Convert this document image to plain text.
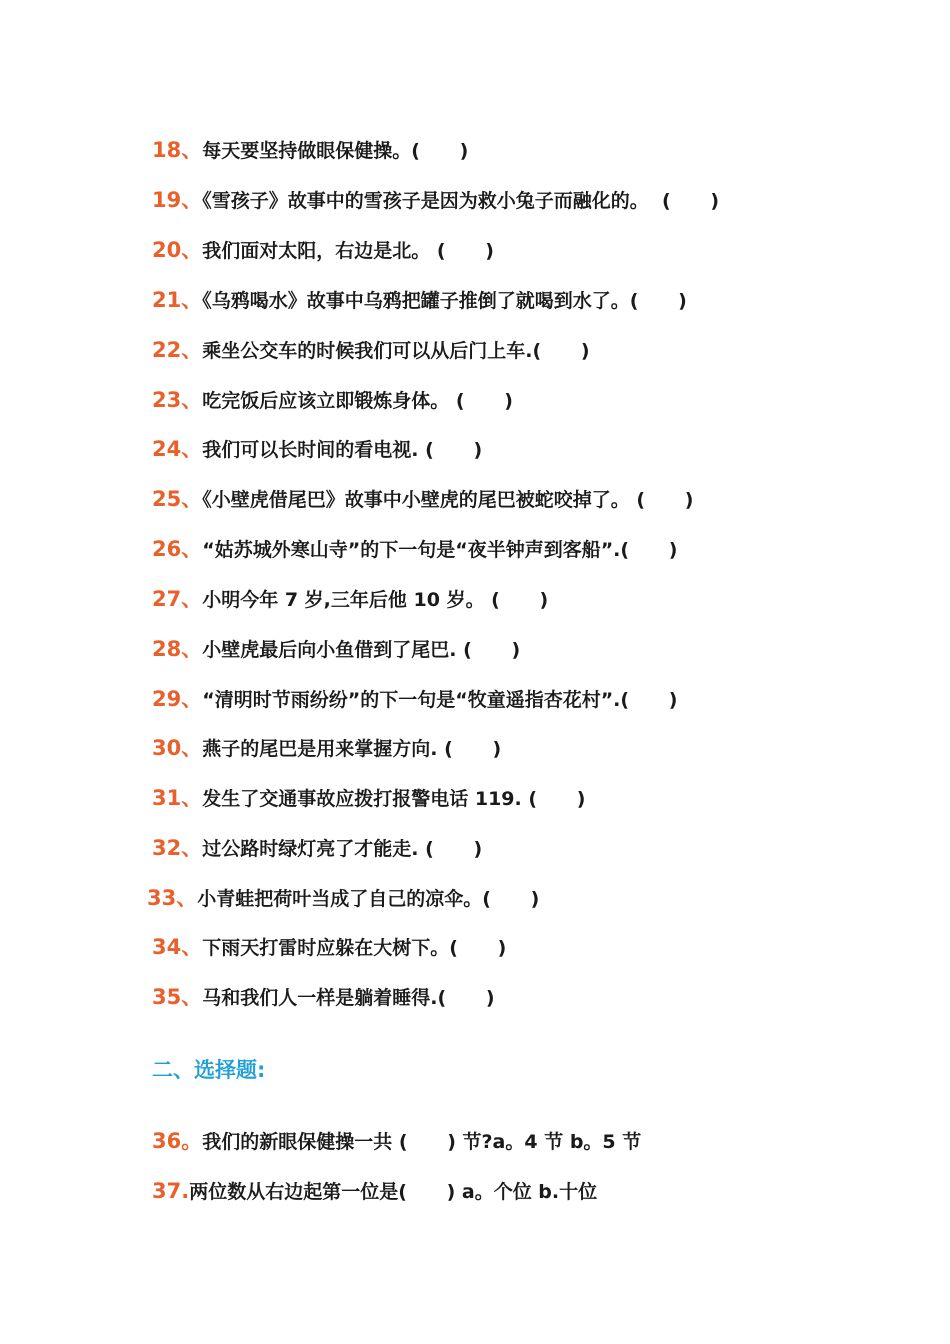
18、每天要坚持做眼保健操。(      )
19、《雪孩子》故事中的雪孩子是因为救小兔子而融化的。  (      )
20、我们面对太阳，右边是北。 (      )
21、《乌鸦喝水》故事中乌鸦把罐子推倒了就喝到水了。(      )
22、乘坐公交车的时候我们可以从后门上车.(      )
23、吃完饭后应该立即锻炼身体。 (      )
24、我们可以长时间的看电视. (      )
25、《小壁虎借尾巴》故事中小壁虎的尾巴被蛇咬掉了。 (      )
26、“姑苏城外寒山寺”的下一句是“夜半钟声到客船”.(      )
27、小明今年 7 岁,三年后他 10 岁。 (      )
28、小壁虎最后向小鱼借到了尾巴. (      )
29、“清明时节雨纷纷”的下一句是“牧童遥指杏花村”.(      )
30、燕子的尾巴是用来掌握方向. (      )
31、发生了交通事故应拨打报警电话 119. (      )
32、过公路时绿灯亮了才能走. (      )
33、小青蛙把荷叶当成了自己的凉伞。(      )
34、下雨天打雷时应躲在大树下。(      )
35、马和我们人一样是躺着睡得.(      )
二、选择题:
36。我们的新眼保健操一共 (      ) 节?a。4 节 b。5 节
37.两位数从右边起第一位是(      ) a。个位 b.十位
